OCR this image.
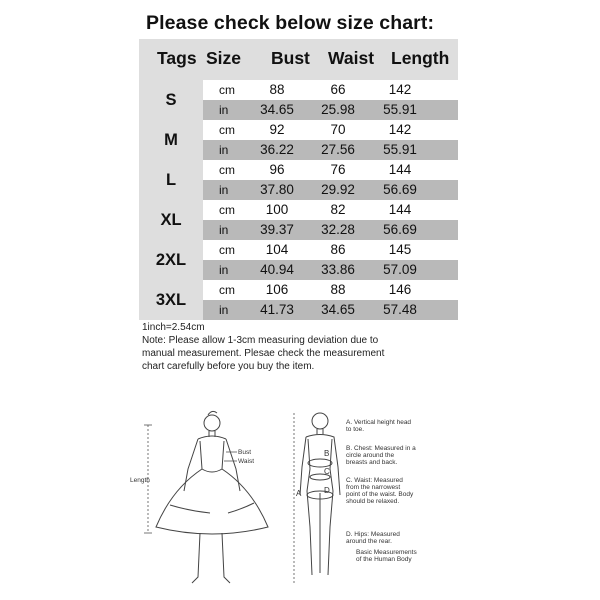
Please check below size chart:
Tags Size Bust Waist Length
S
cm	88	66	142
in	34.65	25.98	55.91
M
cm	92	70	142
in	36.22	27.56	55.91
L
cm	96	76	144
in	37.80	29.92	56.69
XL
cm	100	82	144
in	39.37	32.28	56.69
2XL
cm	104	86	145
in	40.94	33.86	57.09
3XL
cm	106	88	146
in	41.73	34.65	57.48

1inch=2.54cm

Note: Please allow 1-3cm measuring deviation due to manual measurement. Plesae check the measurement chart carefully before you buy the item.

Bust
Waist
Length
A
B
C
D
A. Vertical height head to toe.
B. Chest: Measured in a circle around the breasts and back.
C. Waist: Measured from the narrowest point of the waist. Body should be relaxed.
D. Hips: Measured around the rear.
Basic Measurements of the Human Body
